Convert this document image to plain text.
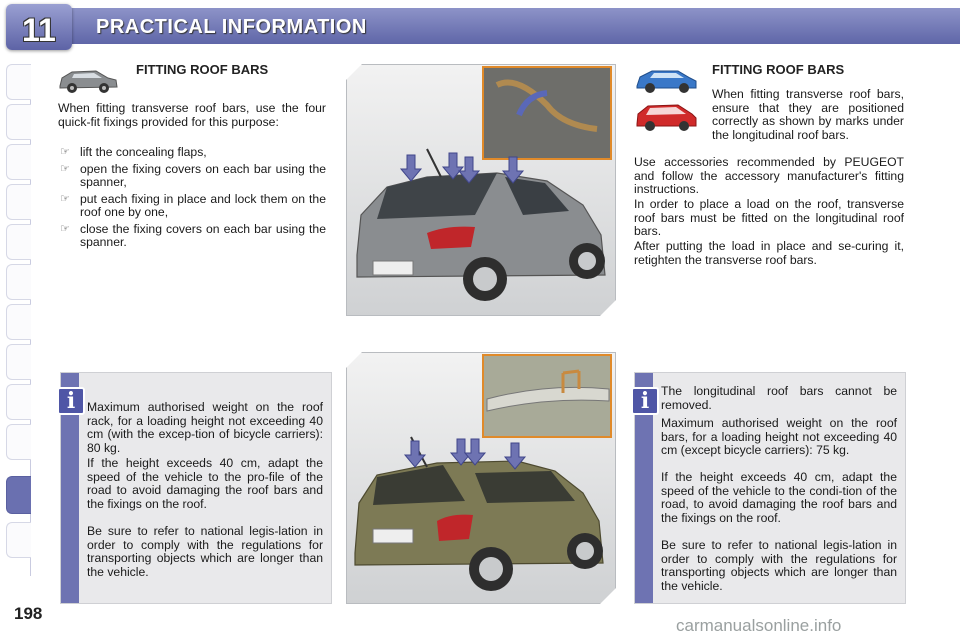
11 PRACTICAL INFORMATION
FITTING ROOF BARS

When fitting transverse roof bars, use the four quick-fit fixings provided for this purpose:

☞ lift the concealing flaps,
☞ open the fixing covers on each bar using the spanner,
☞ put each fixing in place and lock them on the roof one by one,
☞ close the fixing covers on each bar using the spanner.
FITTING ROOF BARS

When fitting transverse roof bars, ensure that they are positioned correctly as shown by marks under the longitudinal roof bars.

Use accessories recommended by PEUGEOT and follow the accessory manufacturer's fitting instructions.

In order to place a load on the roof, transverse roof bars must be fitted on the longitudinal roof bars.

After putting the load in place and se-curing it, retighten the transverse roof bars.

i Maximum authorised weight on the roof rack, for a loading height not exceeding 40 cm (with the excep-tion of bicycle carriers): 80 kg.

If the height exceeds 40 cm, adapt the speed of the vehicle to the pro-file of the road to avoid damaging the roof bars and the fixings on the roof.

Be sure to refer to national legis-lation in order to comply with the regulations for transporting objects which are longer than the vehicle.

i The longitudinal roof bars cannot be removed.

Maximum authorised weight on the roof bars, for a loading height not exceeding 40 cm (except bicycle carriers): 75 kg.

If the height exceeds 40 cm, adapt the speed of the vehicle to the condi-tion of the road, to avoid damaging the roof bars and the fixings on the roof.

Be sure to refer to national legis-lation in order to comply with the regulations for transporting objects which are longer than the vehicle.

198
carmanualsonline.info
